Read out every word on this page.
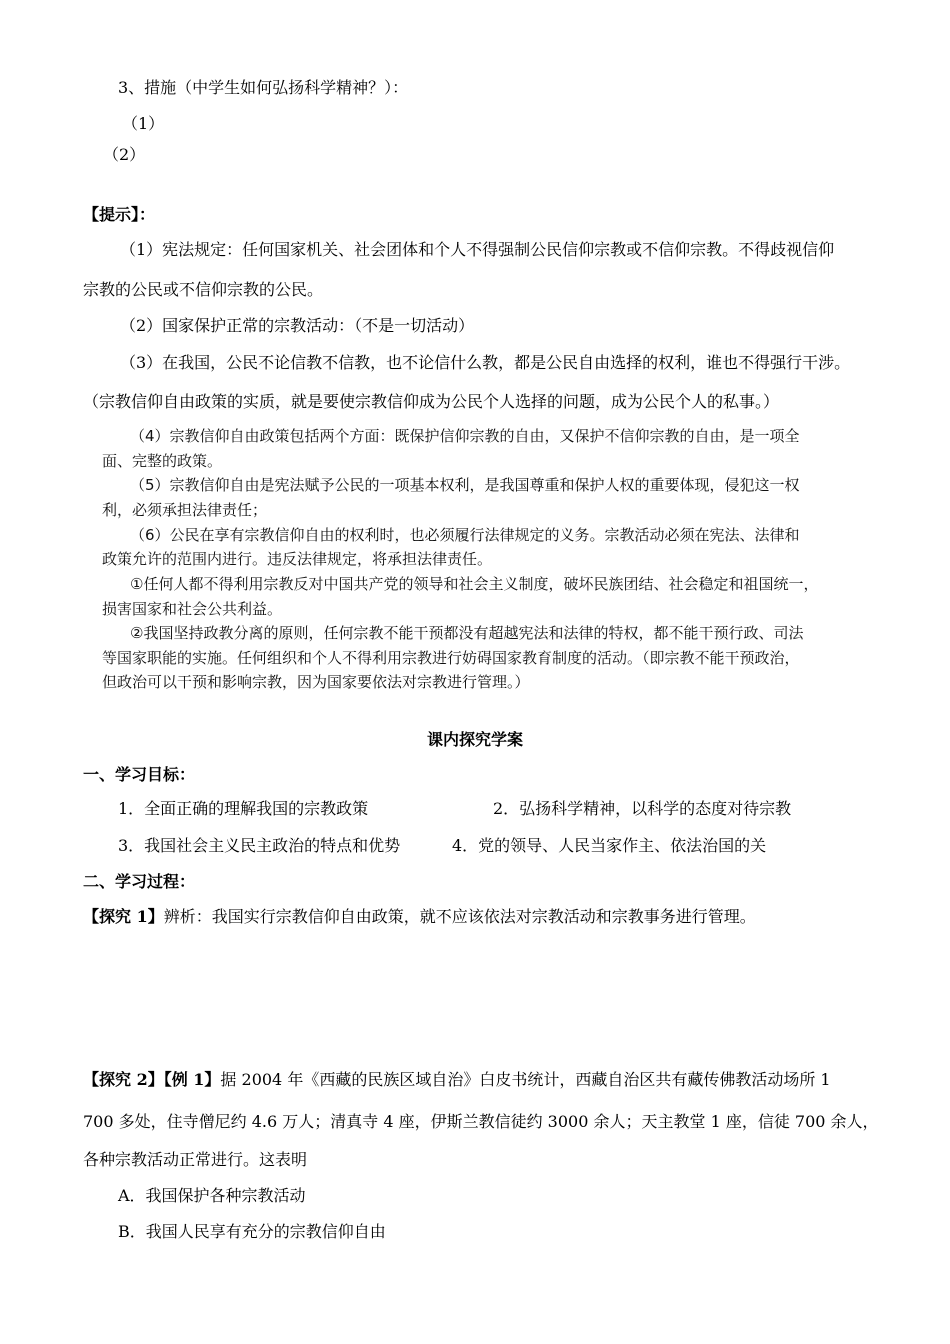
3、措施（中学生如何弘扬科学精神？）：
（1）
（2）
【提示】：
（1）宪法规定：任何国家机关、社会团体和个人不得强制公民信仰宗教或不信仰宗教。不得歧视信仰
宗教的公民或不信仰宗教的公民。
（2）国家保护正常的宗教活动：（不是一切活动）
（3）在我国，公民不论信教不信教，也不论信什么教，都是公民自由选择的权利，谁也不得强行干涉。
（宗教信仰自由政策的实质，就是要使宗教信仰成为公民个人选择的问题，成为公民个人的私事。）
（4）宗教信仰自由政策包括两个方面：既保护信仰宗教的自由，又保护不信仰宗教的自由，是一项全
面、完整的政策。
（5）宗教信仰自由是宪法赋予公民的一项基本权利，是我国尊重和保护人权的重要体现，侵犯这一权
利，必须承担法律责任；
（6）公民在享有宗教信仰自由的权利时，也必须履行法律规定的义务。宗教活动必须在宪法、法律和
政策允许的范围内进行。违反法律规定，将承担法律责任。
①任何人都不得利用宗教反对中国共产党的领导和社会主义制度，破坏民族团结、社会稳定和祖国统一，
损害国家和社会公共利益。
②我国坚持政教分离的原则，任何宗教不能干预都没有超越宪法和法律的特权，都不能干预行政、司法
等国家职能的实施。任何组织和个人不得利用宗教进行妨碍国家教育制度的活动。（即宗教不能干预政治，
但政治可以干预和影响宗教，因为国家要依法对宗教进行管理。）
课内探究学案
一、学习目标：
1．全面正确的理解我国的宗教政策	2．弘扬科学精神，以科学的态度对待宗教
3．我国社会主义民主政治的特点和优势	4．党的领导、人民当家作主、依法治国的关
二、学习过程：
【探究 1】辨析：我国实行宗教信仰自由政策，就不应该依法对宗教活动和宗教事务进行管理。
【探究 2】【例 1】据 2004 年《西藏的民族区域自治》白皮书统计，西藏自治区共有藏传佛教活动场所 1
700 多处，住寺僧尼约 4.6 万人；清真寺 4 座，伊斯兰教信徒约 3000 余人；天主教堂 1 座，信徒 700 余人，
各种宗教活动正常进行。这表明
A．我国保护各种宗教活动
B．我国人民享有充分的宗教信仰自由
